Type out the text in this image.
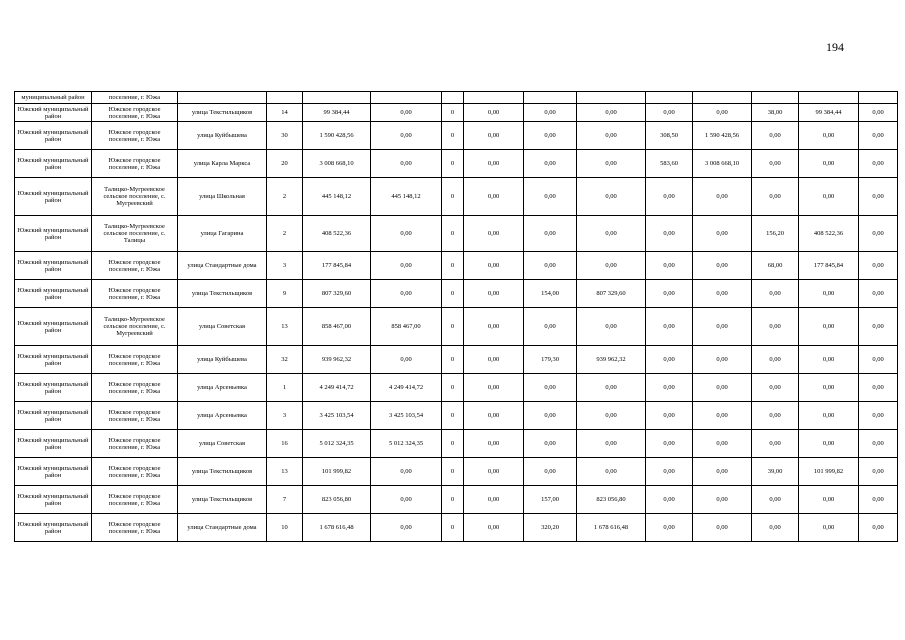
194
муниципальный район	поселение, г. Южа													
Южский муниципальный район	Южское городское поселение, г. Южа	улица Текстильщиков	14	99 384,44	0,00	0	0,00	0,00	0,00	0,00	0,00	38,00	99 384,44	0,00
Южский муниципальный район	Южское городское поселение, г. Южа	улица Куйбышева	30	1 590 428,56	0,00	0	0,00	0,00	0,00	308,50	1 590 428,56	0,00	0,00	0,00
Южский муниципальный район	Южское городское поселение, г. Южа	улица Карла Маркса	20	3 008 668,10	0,00	0	0,00	0,00	0,00	583,60	3 008 668,10	0,00	0,00	0,00
Южский муниципальный район	Талицко-Мугреевское сельское поселение, с. Мугреевский	улица Школьная	2	445 148,12	445 148,12	0	0,00	0,00	0,00	0,00	0,00	0,00	0,00	0,00
Южский муниципальный район	Талицко-Мугреевское сельское поселение, с. Талицы	улица Гагарина	2	408 522,36	0,00	0	0,00	0,00	0,00	0,00	0,00	156,20	408 522,36	0,00
Южский муниципальный район	Южское городское поселение, г. Южа	улица Стандартные дома	3	177 845,84	0,00	0	0,00	0,00	0,00	0,00	0,00	68,00	177 845,84	0,00
Южский муниципальный район	Южское городское поселение, г. Южа	улица Текстильщиков	9	807 329,60	0,00	0	0,00	154,00	807 329,60	0,00	0,00	0,00	0,00	0,00
Южский муниципальный район	Талицко-Мугреевское сельское поселение, с. Мугреевский	улица Советская	13	858 467,00	858 467,00	0	0,00	0,00	0,00	0,00	0,00	0,00	0,00	0,00
Южский муниципальный район	Южское городское поселение, г. Южа	улица Куйбышева	32	939 962,32	0,00	0	0,00	179,30	939 962,32	0,00	0,00	0,00	0,00	0,00
Южский муниципальный район	Южское городское поселение, г. Южа	улица Арсеньевка	1	4 249 414,72	4 249 414,72	0	0,00	0,00	0,00	0,00	0,00	0,00	0,00	0,00
Южский муниципальный район	Южское городское поселение, г. Южа	улица Арсеньевка	3	3 425 103,54	3 425 103,54	0	0,00	0,00	0,00	0,00	0,00	0,00	0,00	0,00
Южский муниципальный район	Южское городское поселение, г. Южа	улица Советская	16	5 012 324,35	5 012 324,35	0	0,00	0,00	0,00	0,00	0,00	0,00	0,00	0,00
Южский муниципальный район	Южское городское поселение, г. Южа	улица Текстильщиков	13	101 999,82	0,00	0	0,00	0,00	0,00	0,00	0,00	39,00	101 999,82	0,00
Южский муниципальный район	Южское городское поселение, г. Южа	улица Текстильщиков	7	823 056,80	0,00	0	0,00	157,00	823 056,80	0,00	0,00	0,00	0,00	0,00
Южский муниципальный район	Южское городское поселение, г. Южа	улица Стандартные дома	10	1 678 616,48	0,00	0	0,00	320,20	1 678 616,48	0,00	0,00	0,00	0,00	0,00
